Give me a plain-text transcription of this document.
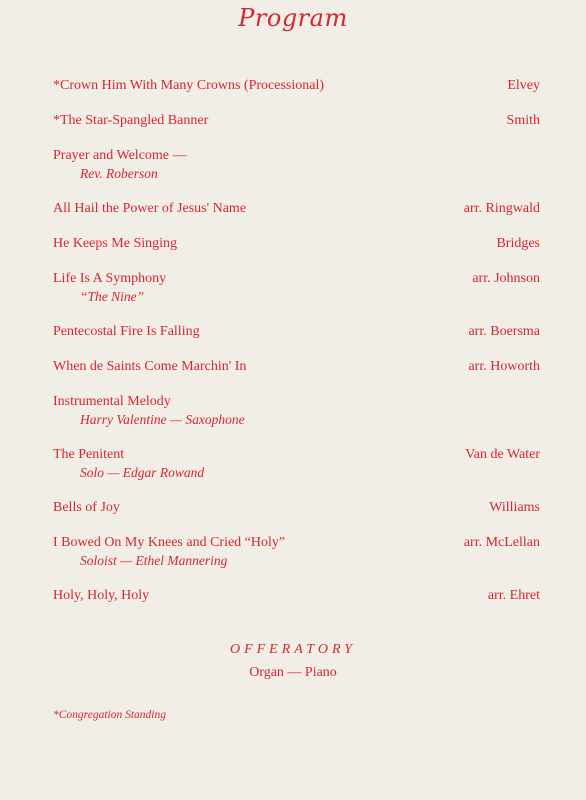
Program
*Crown Him With Many Crowns (Processional)	Elvey
*The Star-Spangled Banner	Smith
Prayer and Welcome —
Rev. Roberson
All Hail the Power of Jesus' Name	arr. Ringwald
He Keeps Me Singing	Bridges
Life Is A Symphony	arr. Johnson
“The Nine”
Pentecostal Fire Is Falling	arr. Boersma
When de Saints Come Marchin' In	arr. Howorth
Instrumental Melody
Harry Valentine — Saxophone
The Penitent	Van de Water
Solo — Edgar Rowand
Bells of Joy	Williams
I Bowed On My Knees and Cried “Holy”	arr. McLellan
Soloist — Ethel Mannering
Holy, Holy, Holy	arr. Ehret
OFFERATORY
Organ — Piano
*Congregation Standing
